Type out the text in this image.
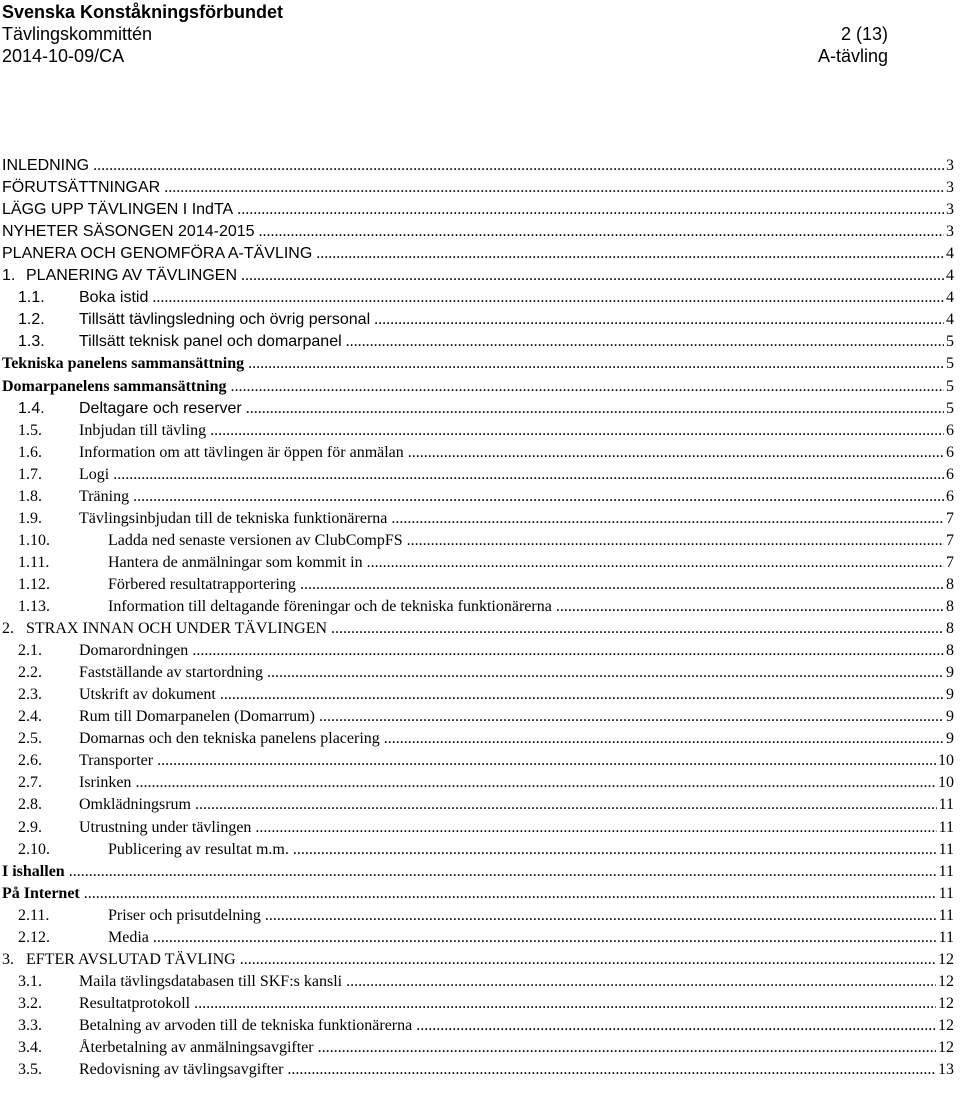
Svenska Konståkningsförbundet
Tävlingskommittén	2 (13)
2014-10-09/CA	A-tävling
INLEDNING .....	3
FÖRUTSÄTTNINGAR .....	3
LÄGG UPP TÄVLINGEN I IndTA .....	3
NYHETER SÄSONGEN 2014-2015 .....	3
PLANERA OCH GENOMFÖRA A-TÄVLING .....	4
1. PLANERING AV TÄVLINGEN .....	4
1.1. Boka istid .....	4
1.2. Tillsätt tävlingsledning och övrig personal .....	4
1.3. Tillsätt teknisk panel och domarpanel .....	5
Tekniska panelens sammansättning .....	5
Domarpanelens sammansättning .....	5
1.4. Deltagare och reserver .....	5
1.5. Inbjudan till tävling .....	6
1.6. Information om att tävlingen är öppen för anmälan .....	6
1.7. Logi .....	6
1.8. Träning .....	6
1.9. Tävlingsinbjudan till de tekniska funktionärerna .....	7
1.10.	Ladda ned senaste versionen av ClubCompFS .....	7
1.11.	Hantera de anmälningar som kommit in .....	7
1.12.	Förbered resultatrapportering .....	8
1.13.	Information till deltagande föreningar och de tekniska funktionärerna .....	8
2. STRAX INNAN OCH UNDER TÄVLINGEN .....	8
2.1. Domarordningen .....	8
2.2. Fastställande av startordning .....	9
2.3. Utskrift av dokument .....	9
2.4. Rum till Domarpanelen (Domarrum) .....	9
2.5. Domarnas och den tekniska panelens placering .....	9
2.6. Transporter .....	10
2.7. Isrinken .....	10
2.8. Omklädningsrum .....	11
2.9. Utrustning under tävlingen .....	11
2.10.	Publicering av resultat m.m. .....	11
I ishallen .....	11
På Internet .....	11
2.11.	Priser och prisutdelning .....	11
2.12.	Media .....	11
3. EFTER AVSLUTAD TÄVLING .....	12
3.1. Maila tävlingsdatabasen till SKF:s kansli .....	12
3.2. Resultatprotokoll .....	12
3.3. Betalning av arvoden till de tekniska funktionärerna .....	12
3.4. Återbetalning av anmälningsavgifter .....	12
3.5. Redovisning av tävlingsavgifter .....	13
